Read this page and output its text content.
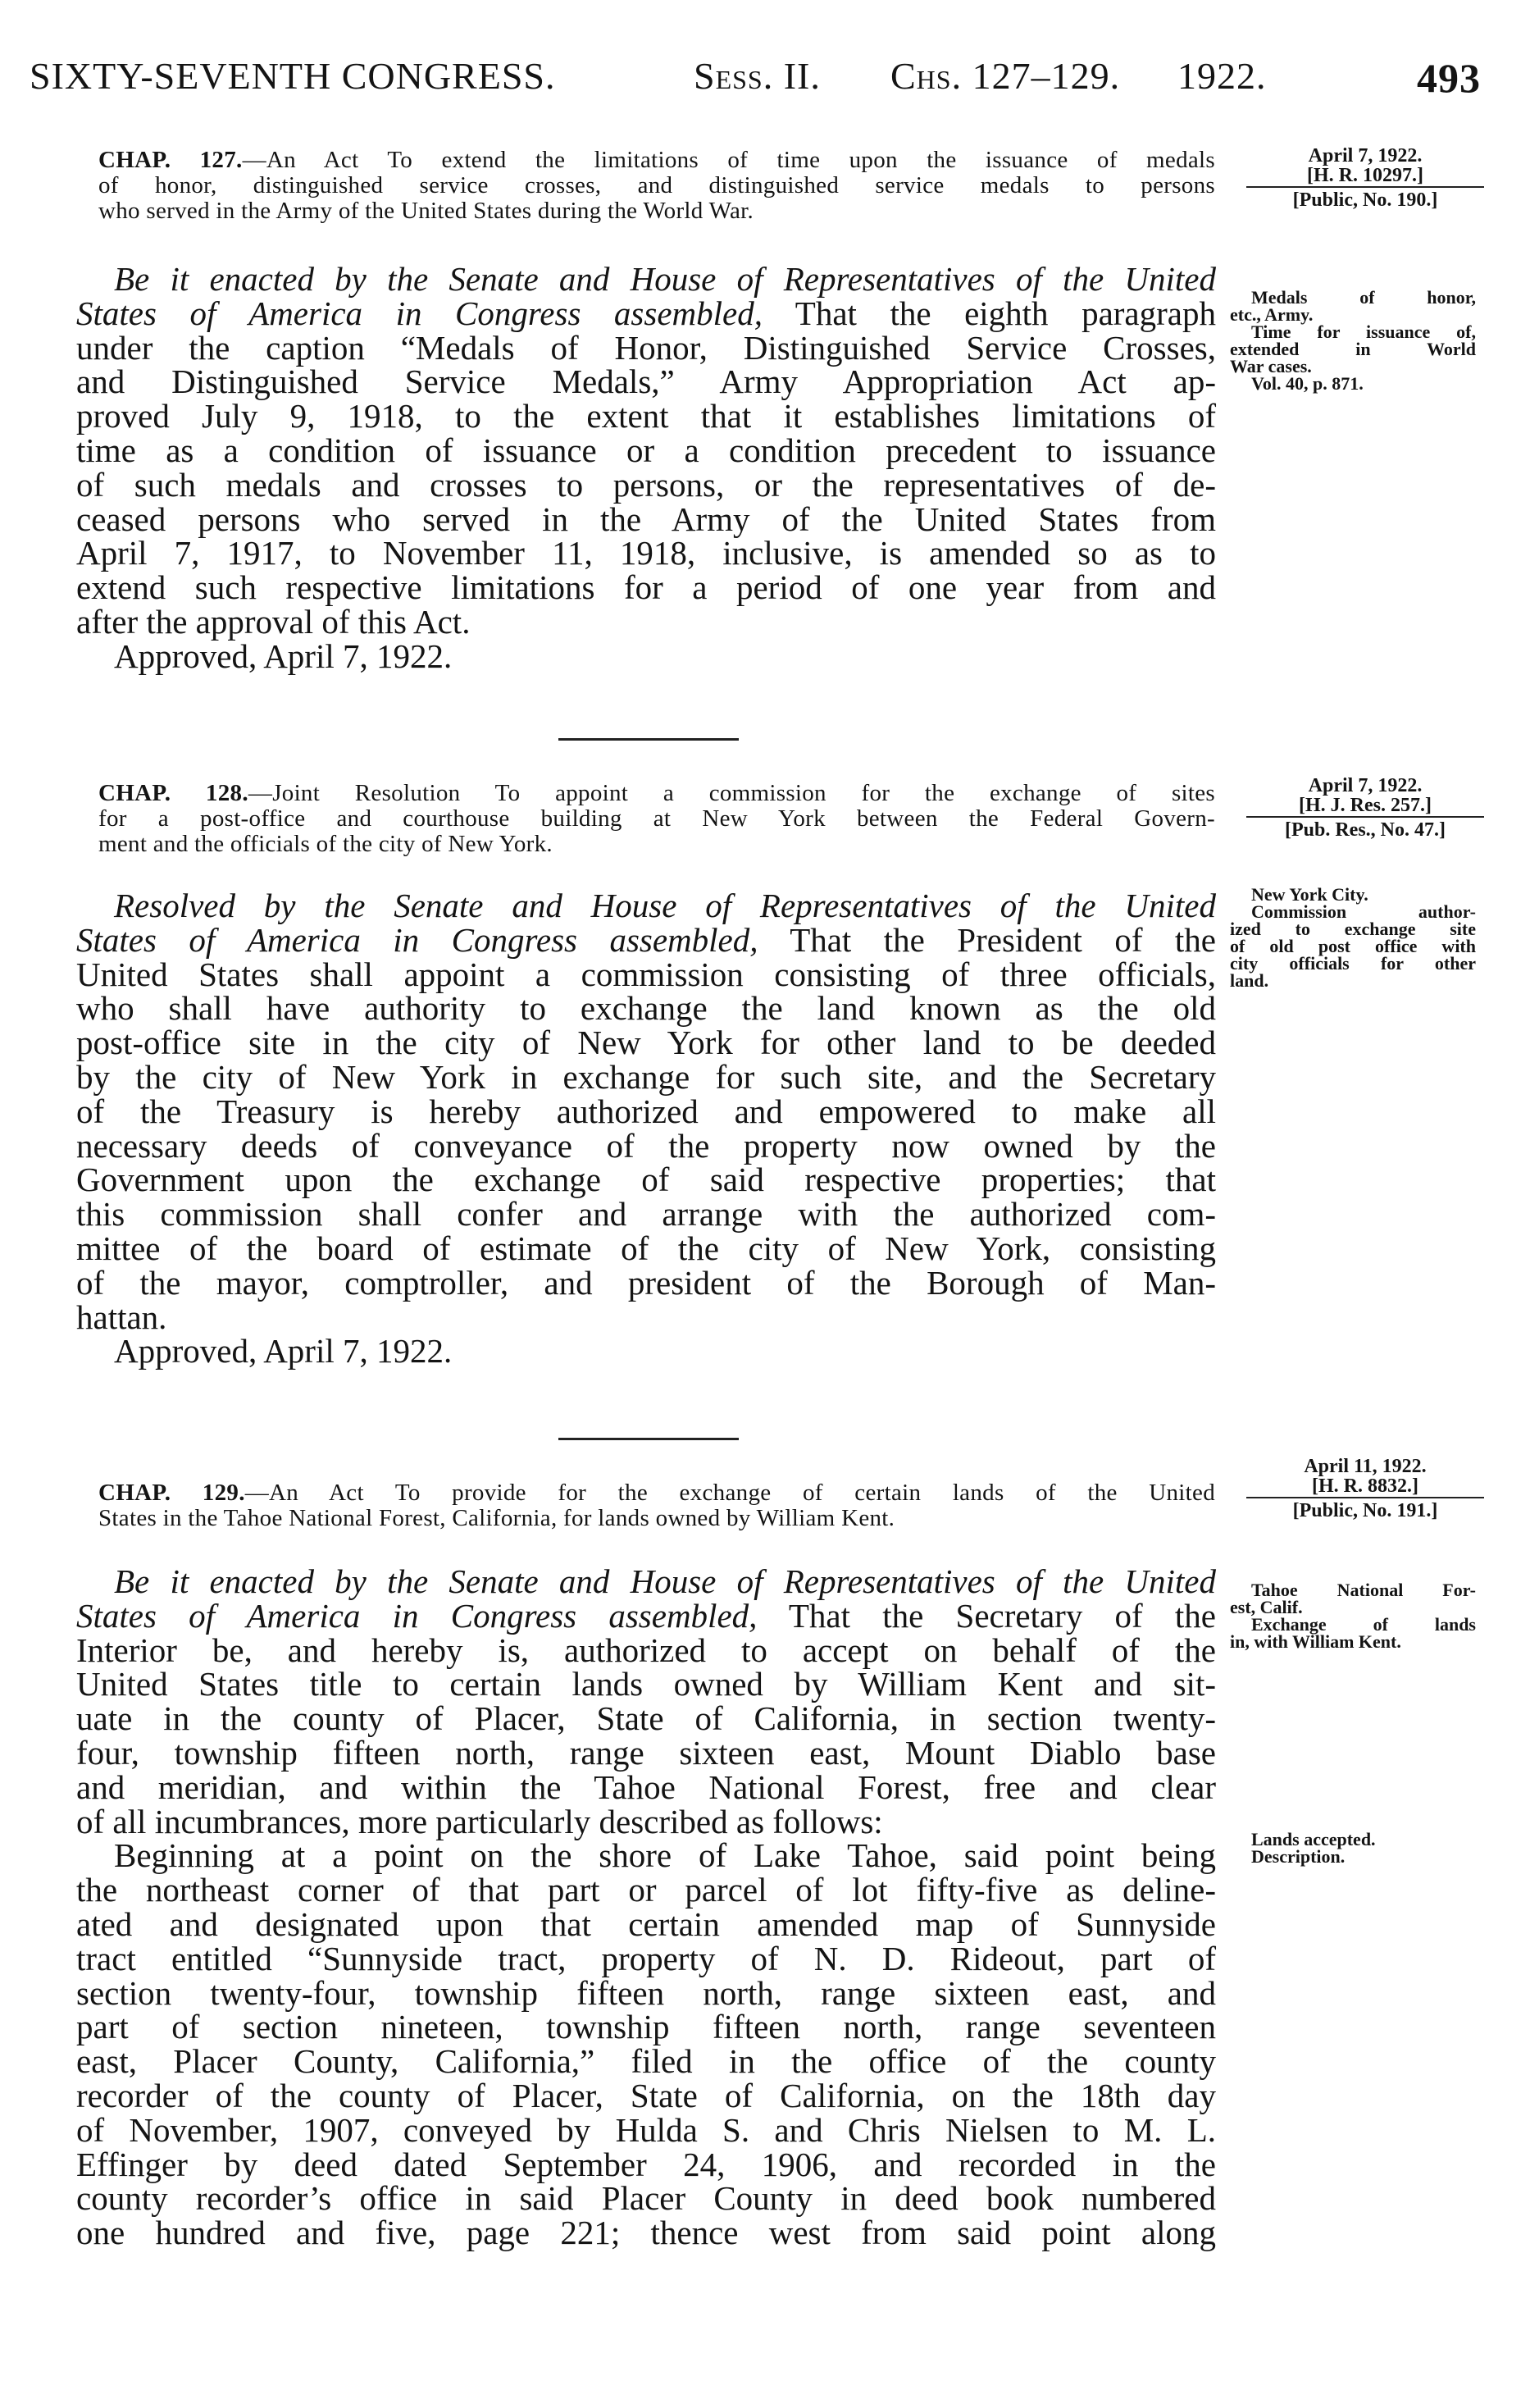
SIXTY-SEVENTH CONGRESS.	Sess. II. Chs. 127–129. 1922.	493
CHAP. 127.—An Act To extend the limitations of time upon the issuance of medals
of honor, distinguished service crosses, and distinguished service medals to persons
who served in the Army of the United States during the World War.
April 7, 1922.
[H. R. 10297.]
[Public, No. 190.]
Be it enacted by the Senate and House of Representatives of the United
States of America in Congress assembled, That the eighth paragraph
under the caption “Medals of Honor, Distinguished Service Crosses,
and Distinguished Service Medals,” Army Appropriation Act ap-
proved July 9, 1918, to the extent that it establishes limitations of
time as a condition of issuance or a condition precedent to issuance
of such medals and crosses to persons, or the representatives of de-
ceased persons who served in the Army of the United States from
April 7, 1917, to November 11, 1918, inclusive, is amended so as to
extend such respective limitations for a period of one year from and
after the approval of this Act.
Approved, April 7, 1922.
Medals of honor,
etc., Army.
Time for issuance of,
extended in World
War cases.
Vol. 40, p. 871.
CHAP. 128.—Joint Resolution To appoint a commission for the exchange of sites
for a post-office and courthouse building at New York between the Federal Govern-
ment and the officials of the city of New York.
April 7, 1922.
[H. J. Res. 257.]
[Pub. Res., No. 47.]
Resolved by the Senate and House of Representatives of the United
States of America in Congress assembled, That the President of the
United States shall appoint a commission consisting of three officials,
who shall have authority to exchange the land known as the old
post-office site in the city of New York for other land to be deeded
by the city of New York in exchange for such site, and the Secretary
of the Treasury is hereby authorized and empowered to make all
necessary deeds of conveyance of the property now owned by the
Government upon the exchange of said respective properties; that
this commission shall confer and arrange with the authorized com-
mittee of the board of estimate of the city of New York, consisting
of the mayor, comptroller, and president of the Borough of Man-
hattan.
Approved, April 7, 1922.
New York City.
Commission author-
ized to exchange site
of old post office with
city officials for other
land.
CHAP. 129.—An Act To provide for the exchange of certain lands of the United
States in the Tahoe National Forest, California, for lands owned by William Kent.
April 11, 1922.
[H. R. 8832.]
[Public, No. 191.]
Be it enacted by the Senate and House of Representatives of the United
States of America in Congress assembled, That the Secretary of the
Interior be, and hereby is, authorized to accept on behalf of the
United States title to certain lands owned by William Kent and sit-
uate in the county of Placer, State of California, in section twenty-
four, township fifteen north, range sixteen east, Mount Diablo base
and meridian, and within the Tahoe National Forest, free and clear
of all incumbrances, more particularly described as follows:
Beginning at a point on the shore of Lake Tahoe, said point being
the northeast corner of that part or parcel of lot fifty-five as deline-
ated and designated upon that certain amended map of Sunnyside
tract entitled “Sunnyside tract, property of N. D. Rideout, part of
section twenty-four, township fifteen north, range sixteen east, and
part of section nineteen, township fifteen north, range seventeen
east, Placer County, California,” filed in the office of the county
recorder of the county of Placer, State of California, on the 18th day
of November, 1907, conveyed by Hulda S. and Chris Nielsen to M. L.
Effinger by deed dated September 24, 1906, and recorded in the
county recorder’s office in said Placer County in deed book numbered
one hundred and five, page 221; thence west from said point along
Tahoe National For-
est, Calif.
Exchange of lands
in, with William Kent.
Lands accepted.
Description.
